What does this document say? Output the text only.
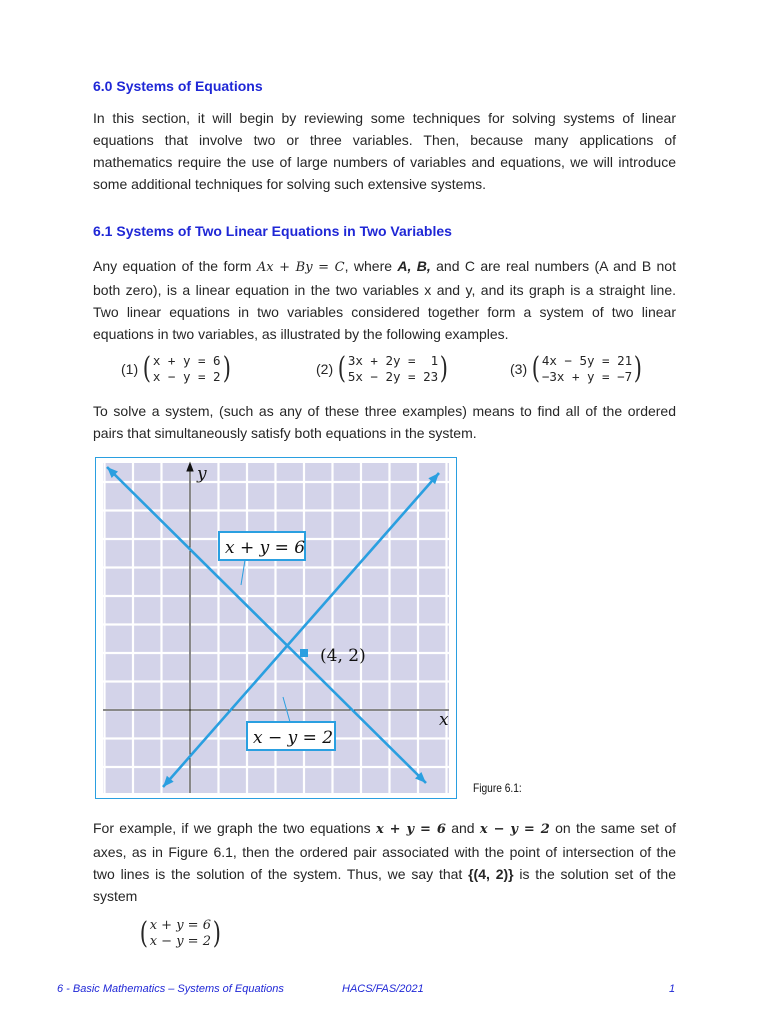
6.0 Systems of Equations

In this section, it will begin by reviewing some techniques for solving systems of linear equations that involve two or three variables. Then, because many applications of mathematics require the use of large numbers of variables and equations, we will introduce some additional techniques for solving such extensive systems.

6.1 Systems of Two Linear Equations in Two Variables

Any equation of the form Ax + By = C, where A, B, and C are real numbers (A and B not both zero), is a linear equation in the two variables x and y, and its graph is a straight line. Two linear equations in two variables considered together form a system of two linear equations in two variables, as illustrated by the following examples.

(1) ( x + y = 6
x − y = 2 )	(2) ( 3x + 2y =  1
5x − 2y = 23 )	(3) ( 4x − 5y = 21
−3x + y = −7 )

To solve a system, (such as any of these three examples) means to find all of the ordered pairs that simultaneously satisfy both equations in the system.

y
x
(4, 2)
x + y = 6
x − y = 2
Figure 6.1:

For example, if we graph the two equations x + y = 6 and x − y = 2 on the same set of axes, as in Figure 6.1, then the ordered pair associated with the point of intersection of the two lines is the solution of the system. Thus, we say that {(4, 2)} is the solution set of the system

( x + y = 6
x − y = 2 )
6 - Basic Mathematics – Systems of Equations	HACS/FAS/2021	1
